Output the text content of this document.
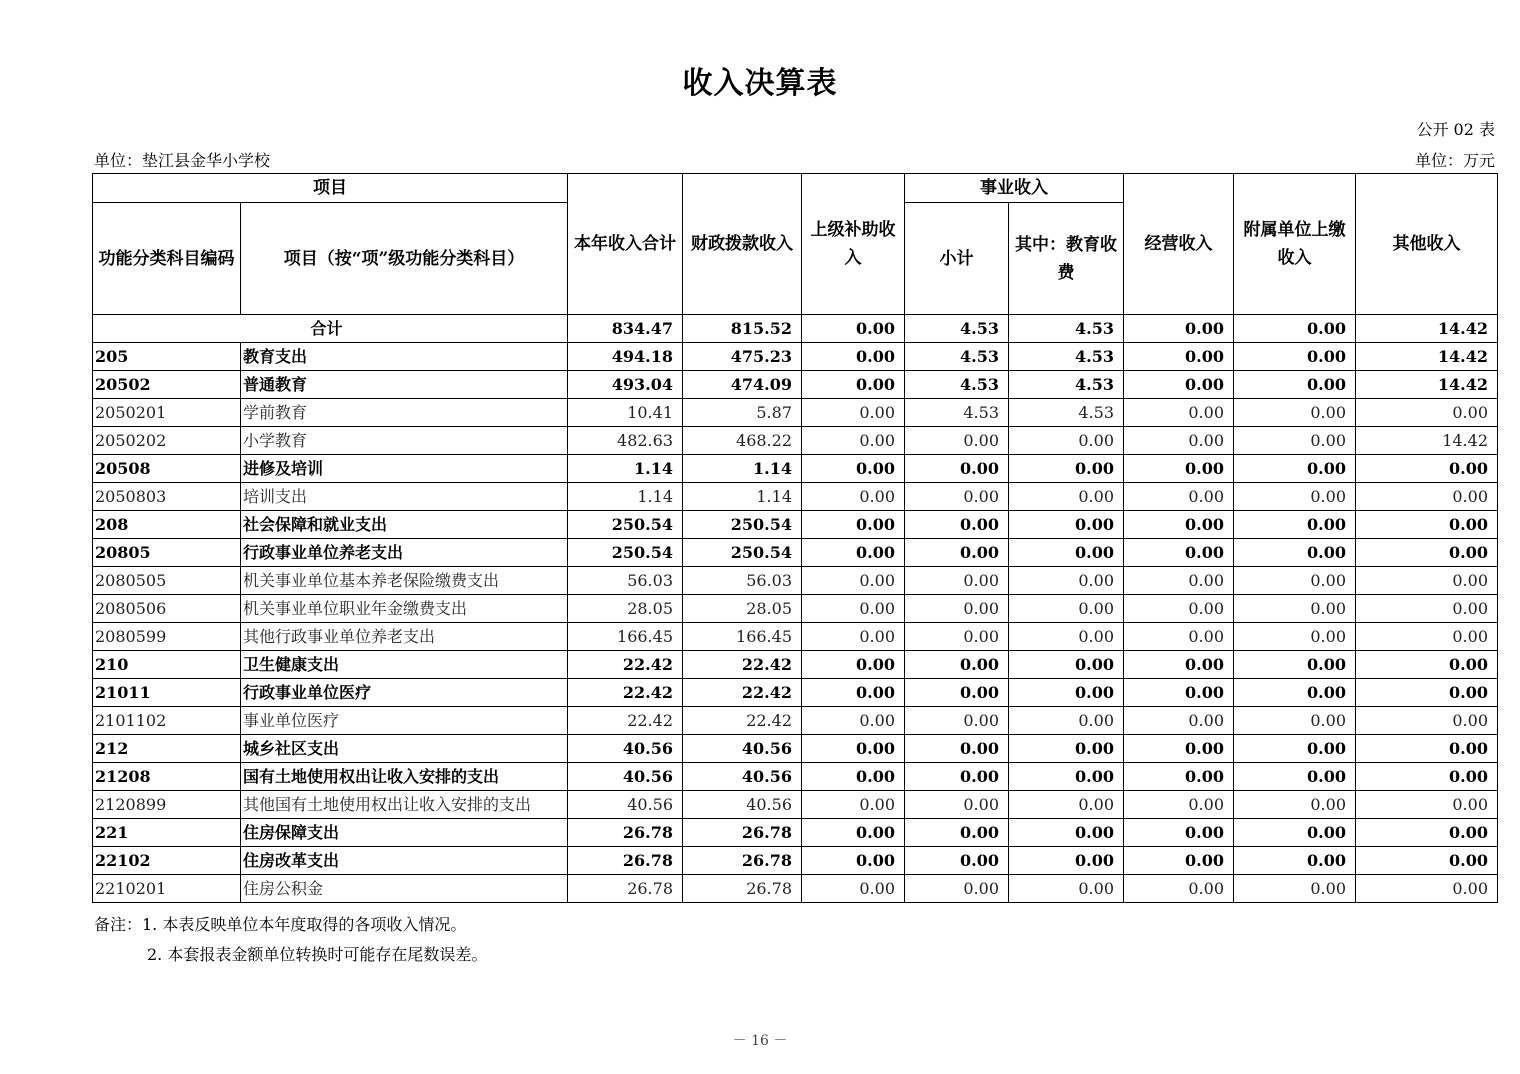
收入决算表
公开 02 表
单位：垫江县金华小学校	单位：万元
项目		本年收入合计	财政拨款收入	上级补助收入	事业收入		经营收入	附属单位上缴收入	其他收入
功能分类科目编码	项目（按“项”级功能分类科目）				小计	其中：教育收费			
合计		834.47	815.52	0.00	4.53	4.53	0.00	0.00	14.42
205	教育支出	494.18	475.23	0.00	4.53	4.53	0.00	0.00	14.42
20502	普通教育	493.04	474.09	0.00	4.53	4.53	0.00	0.00	14.42
2050201	学前教育	10.41	5.87	0.00	4.53	4.53	0.00	0.00	0.00
2050202	小学教育	482.63	468.22	0.00	0.00	0.00	0.00	0.00	14.42
20508	进修及培训	1.14	1.14	0.00	0.00	0.00	0.00	0.00	0.00
2050803	培训支出	1.14	1.14	0.00	0.00	0.00	0.00	0.00	0.00
208	社会保障和就业支出	250.54	250.54	0.00	0.00	0.00	0.00	0.00	0.00
20805	行政事业单位养老支出	250.54	250.54	0.00	0.00	0.00	0.00	0.00	0.00
2080505	机关事业单位基本养老保险缴费支出	56.03	56.03	0.00	0.00	0.00	0.00	0.00	0.00
2080506	机关事业单位职业年金缴费支出	28.05	28.05	0.00	0.00	0.00	0.00	0.00	0.00
2080599	其他行政事业单位养老支出	166.45	166.45	0.00	0.00	0.00	0.00	0.00	0.00
210	卫生健康支出	22.42	22.42	0.00	0.00	0.00	0.00	0.00	0.00
21011	行政事业单位医疗	22.42	22.42	0.00	0.00	0.00	0.00	0.00	0.00
2101102	事业单位医疗	22.42	22.42	0.00	0.00	0.00	0.00	0.00	0.00
212	城乡社区支出	40.56	40.56	0.00	0.00	0.00	0.00	0.00	0.00
21208	国有土地使用权出让收入安排的支出	40.56	40.56	0.00	0.00	0.00	0.00	0.00	0.00
2120899	其他国有土地使用权出让收入安排的支出	40.56	40.56	0.00	0.00	0.00	0.00	0.00	0.00
221	住房保障支出	26.78	26.78	0.00	0.00	0.00	0.00	0.00	0.00
22102	住房改革支出	26.78	26.78	0.00	0.00	0.00	0.00	0.00	0.00
2210201	住房公积金	26.78	26.78	0.00	0.00	0.00	0.00	0.00	0.00
备注：1. 本表反映单位本年度取得的各项收入情况。
2. 本套报表金额单位转换时可能存在尾数误差。
－ 16 －
